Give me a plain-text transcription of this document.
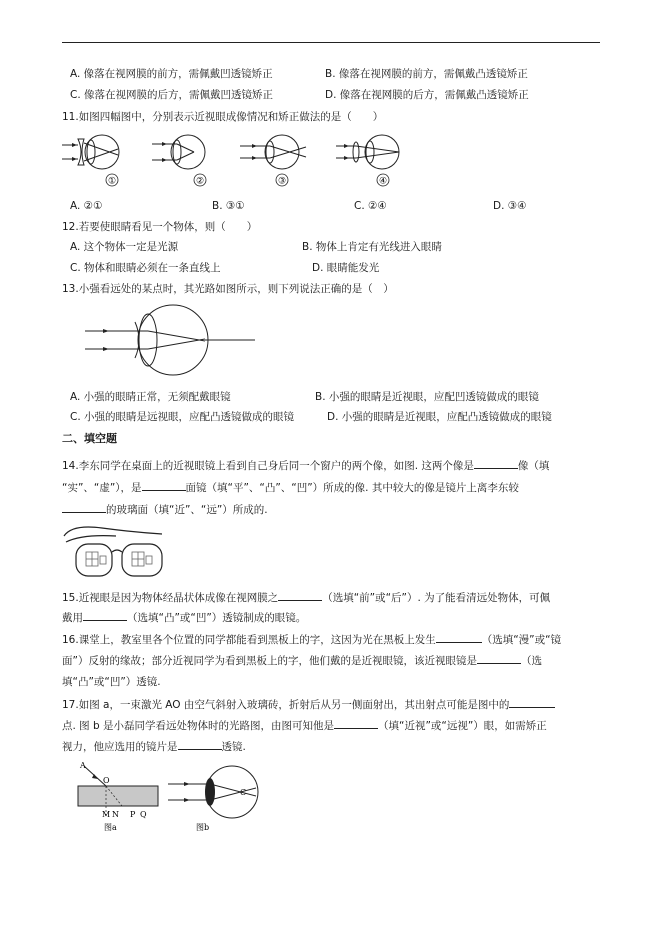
A. 像落在视网膜的前方，需佩戴凹透镜矫正	B. 像落在视网膜的前方，需佩戴凸透镜矫正
C. 像落在视网膜的后方，需佩戴凹透镜矫正	D. 像落在视网膜的后方，需佩戴凸透镜矫正
11.如图四幅图中，分别表示近视眼成像情况和矫正做法的是（　　）
①	②	③	④
A. ②①	B. ③①	C. ②④	D. ③④
12.若要使眼睛看见一个物体，则（　　）
A. 这个物体一定是光源	B. 物体上肯定有光线进入眼睛
C. 物体和眼睛必须在一条直线上	D. 眼睛能发光
13.小强看远处的某点时，其光路如图所示，则下列说法正确的是（　）
A. 小强的眼睛正常，无须配戴眼镜	B. 小强的眼睛是近视眼，应配凹透镜做成的眼镜
C. 小强的眼睛是远视眼，应配凸透镜做成的眼镜	D. 小强的眼睛是近视眼，应配凸透镜做成的眼镜
二、填空题
14.李东同学在桌面上的近视眼镜上看到自己身后同一个窗户的两个像，如图. 这两个像是	像（填
“实”、“虚”），是	面镜（填“平”、“凸”、“凹”）所成的像. 其中较大的像是镜片上离李东较
的玻璃面（填“近”、“远”）所成的.
15.近视眼是因为物体经晶状体成像在视网膜之	（选填“前”或“后”）. 为了能看清远处物体，可佩
戴用	（选填“凸”或“凹”）透镜制成的眼镜。
16.课堂上，教室里各个位置的同学都能看到黑板上的字，这因为光在黑板上发生	（选填“漫”或“镜
面”）反射的缘故；部分近视同学为看到黑板上的字，他们戴的是近视眼镜，该近视眼镜是	（选
填“凸”或“凹”）透镜.
17.如图 a，一束激光 AO 由空气斜射入玻璃砖，折射后从另一侧面射出，其出射点可能是图中的
点. 图 b 是小磊同学看远处物体时的光路图，由图可知他是	（填“近视”或“远视”）眼，如需矫正
视力，他应选用的镜片是	透镜.
A
O
M N P Q
图a
C
图b
